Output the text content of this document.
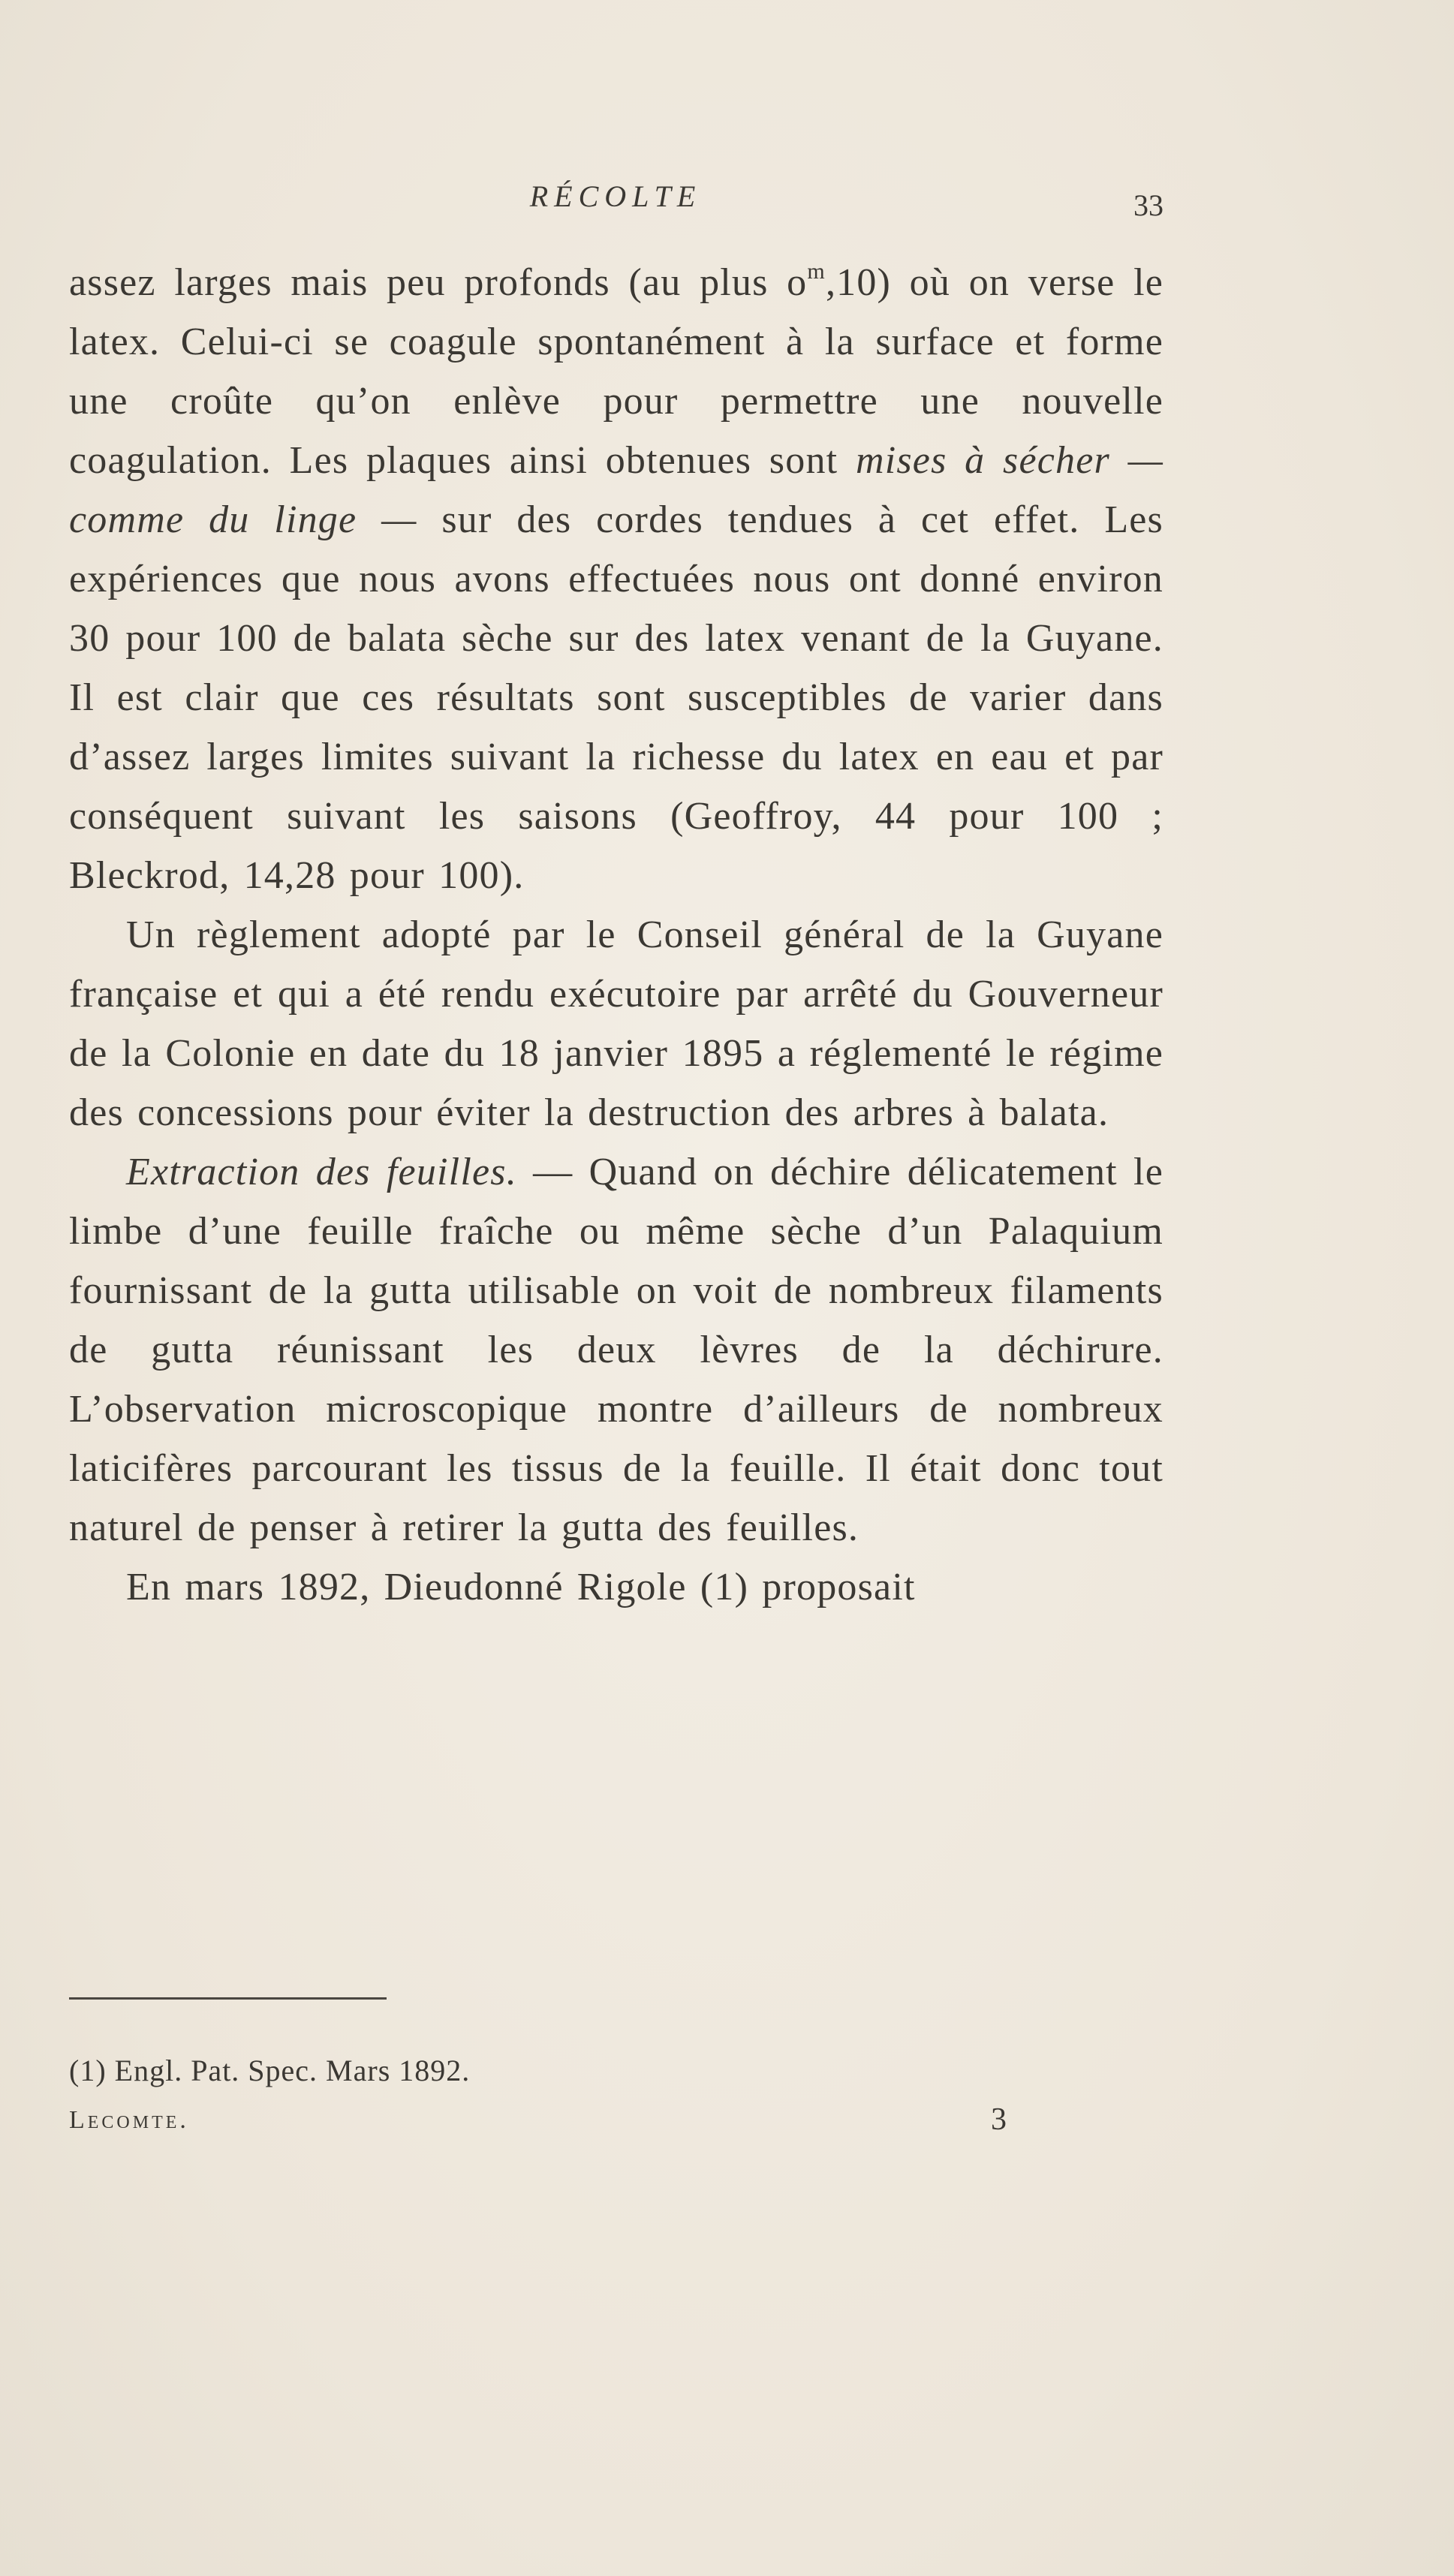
RÉCOLTE	33

assez larges mais peu profonds (au plus $o^m,10$) où on verse le latex. Celui-ci se coagule spontanément à la surface et forme une croûte qu’on enlève pour permettre une nouvelle coagulation. Les plaques ainsi obtenues sont mises à sécher — comme du linge — sur des cordes tendues à cet effet. Les expériences que nous avons effectuées nous ont donné environ 30 pour 100 de balata sèche sur des latex venant de la Guyane. Il est clair que ces résultats sont susceptibles de varier dans d’assez larges limites suivant la richesse du latex en eau et par conséquent suivant les saisons (Geoffroy, 44 pour 100 ; Bleckrod, 14,28 pour 100).

Un règlement adopté par le Conseil général de la Guyane française et qui a été rendu exécutoire par arrêté du Gouverneur de la Colonie en date du 18 janvier 1895 a réglementé le régime des concessions pour éviter la destruction des arbres à balata.

Extraction des feuilles. — Quand on déchire délicatement le limbe d’une feuille fraîche ou même sèche d’un Palaquium fournissant de la gutta utilisable on voit de nombreux filaments de gutta réunissant les deux lèvres de la déchirure. L’observation microscopique montre d’ailleurs de nombreux laticifères parcourant les tissus de la feuille. Il était donc tout naturel de penser à retirer la gutta des feuilles.

En mars 1892, Dieudonné Rigole (1) proposait

(1) Engl. Pat. Spec. Mars 1892.
Lecomte.	3
